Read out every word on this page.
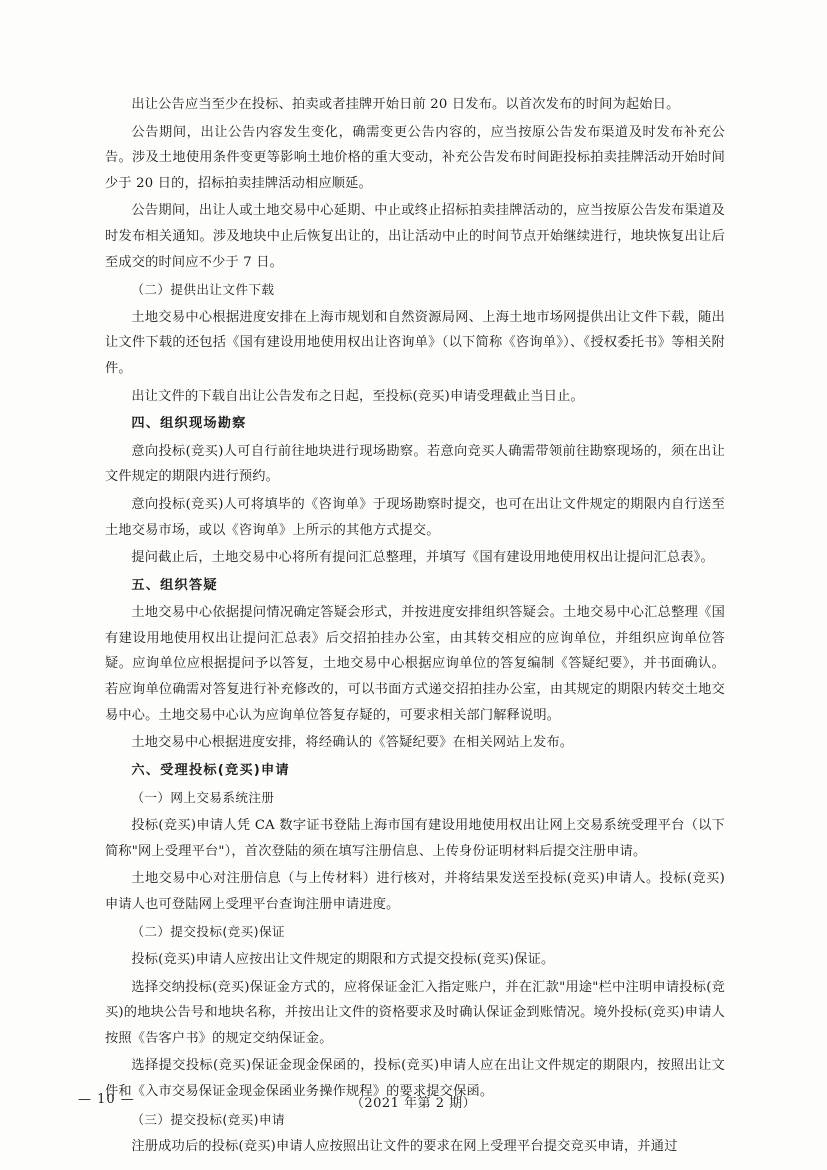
出让公告应当至少在投标、拍卖或者挂牌开始日前 20 日发布。以首次发布的时间为起始日。

公告期间，出让公告内容发生变化，确需变更公告内容的，应当按原公告发布渠道及时发布补充公告。涉及土地使用条件变更等影响土地价格的重大变动，补充公告发布时间距投标拍卖挂牌活动开始时间少于 20 日的，招标拍卖挂牌活动相应顺延。

公告期间，出让人或土地交易中心延期、中止或终止招标拍卖挂牌活动的，应当按原公告发布渠道及时发布相关通知。涉及地块中止后恢复出让的，出让活动中止的时间节点开始继续进行，地块恢复出让后至成交的时间应不少于 7 日。

（二）提供出让文件下载

土地交易中心根据进度安排在上海市规划和自然资源局网、上海土地市场网提供出让文件下载，随出让文件下载的还包括《国有建设用地使用权出让咨询单》（以下简称《咨询单》）、《授权委托书》等相关附件。

出让文件的下载自出让公告发布之日起，至投标(竞买)申请受理截止当日止。

四、组织现场勘察

意向投标(竞买)人可自行前往地块进行现场勘察。若意向竞买人确需带领前往勘察现场的，须在出让文件规定的期限内进行预约。

意向投标(竞买)人可将填毕的《咨询单》于现场勘察时提交，也可在出让文件规定的期限内自行送至土地交易市场，或以《咨询单》上所示的其他方式提交。

提问截止后，土地交易中心将所有提问汇总整理，并填写《国有建设用地使用权出让提问汇总表》。

五、组织答疑

土地交易中心依据提问情况确定答疑会形式，并按进度安排组织答疑会。土地交易中心汇总整理《国有建设用地使用权出让提问汇总表》后交招拍挂办公室，由其转交相应的应询单位，并组织应询单位答疑。应询单位应根据提问予以答复，土地交易中心根据应询单位的答复编制《答疑纪要》，并书面确认。若应询单位确需对答复进行补充修改的，可以书面方式递交招拍挂办公室，由其规定的期限内转交土地交易中心。土地交易中心认为应询单位答复存疑的，可要求相关部门解释说明。

土地交易中心根据进度安排，将经确认的《答疑纪要》在相关网站上发布。

六、受理投标(竞买)申请

（一）网上交易系统注册

投标(竞买)申请人凭 CA 数字证书登陆上海市国有建设用地使用权出让网上交易系统受理平台（以下简称"网上受理平台"），首次登陆的须在填写注册信息、上传身份证明材料后提交注册申请。

土地交易中心对注册信息（与上传材料）进行核对，并将结果发送至投标(竞买)申请人。投标(竞买)申请人也可登陆网上受理平台查询注册申请进度。

（二）提交投标(竞买)保证

投标(竞买)申请人应按出让文件规定的期限和方式提交投标(竞买)保证。

选择交纳投标(竞买)保证金方式的，应将保证金汇入指定账户，并在汇款"用途"栏中注明申请投标(竞买)的地块公告号和地块名称，并按出让文件的资格要求及时确认保证金到账情况。境外投标(竞买)申请人按照《告客户书》的规定交纳保证金。

选择提交投标(竞买)保证金现金保函的，投标(竞买)申请人应在出让文件规定的期限内，按照出让文件和《入市交易保证金现金保函业务操作规程》的要求提交保函。

（三）提交投标(竞买)申请

注册成功后的投标(竞买)申请人应按照出让文件的要求在网上受理平台提交竞买申请，并通过

— 10 —	（2021 年第 2 期）
